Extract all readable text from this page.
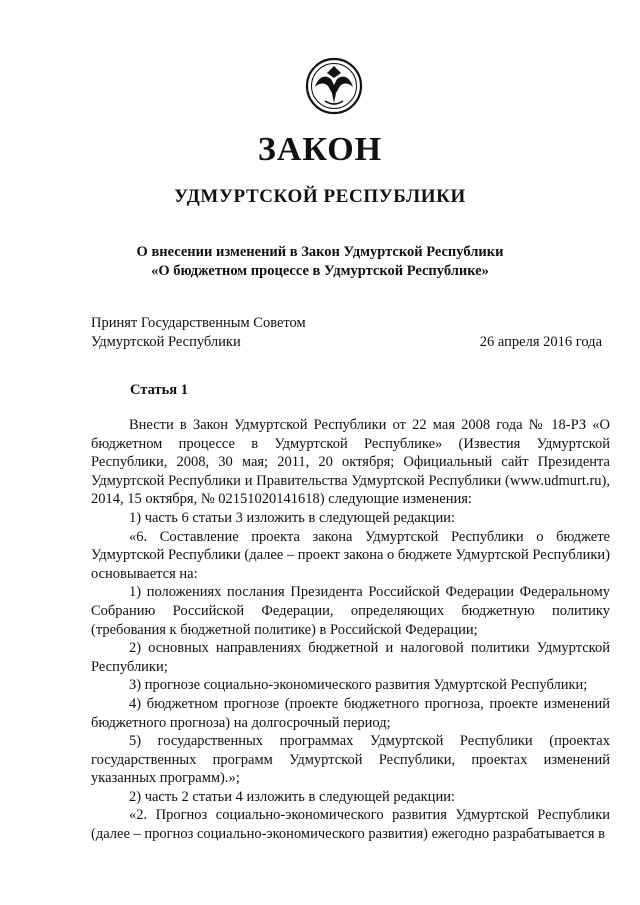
ЗАКОН
УДМУРТСКОЙ РЕСПУБЛИКИ
О внесении изменений в Закон Удмуртской Республики
«О бюджетном процессе в Удмуртской Республике»
Принят Государственным Советом
Удмуртской Республики	26 апреля 2016 года
Статья 1

Внести в Закон Удмуртской Республики от 22 мая 2008 года № 18-РЗ «О бюджетном процессе в Удмуртской Республике» (Известия Удмуртской Республики, 2008, 30 мая; 2011, 20 октября; Официальный сайт Президента Удмуртской Республики и Правительства Удмуртской Республики (www.udmurt.ru), 2014, 15 октября, № 02151020141618) следующие изменения:

1) часть 6 статьи 3 изложить в следующей редакции:

«6. Составление проекта закона Удмуртской Республики о бюджете Удмуртской Республики (далее – проект закона о бюджете Удмуртской Республики) основывается на:

1) положениях послания Президента Российской Федерации Федеральному Собранию Российской Федерации, определяющих бюджетную политику (требования к бюджетной политике) в Российской Федерации;

2) основных направлениях бюджетной и налоговой политики Удмуртской Республики;

3) прогнозе социально-экономического развития Удмуртской Республики;

4) бюджетном прогнозе (проекте бюджетного прогноза, проекте изменений бюджетного прогноза) на долгосрочный период;

5) государственных программах Удмуртской Республики (проектах государственных программ Удмуртской Республики, проектах изменений указанных программ).»;

2) часть 2 статьи 4 изложить в следующей редакции:

«2. Прогноз социально-экономического развития Удмуртской Республики (далее – прогноз социально-экономического развития) ежегодно разрабатывается в
